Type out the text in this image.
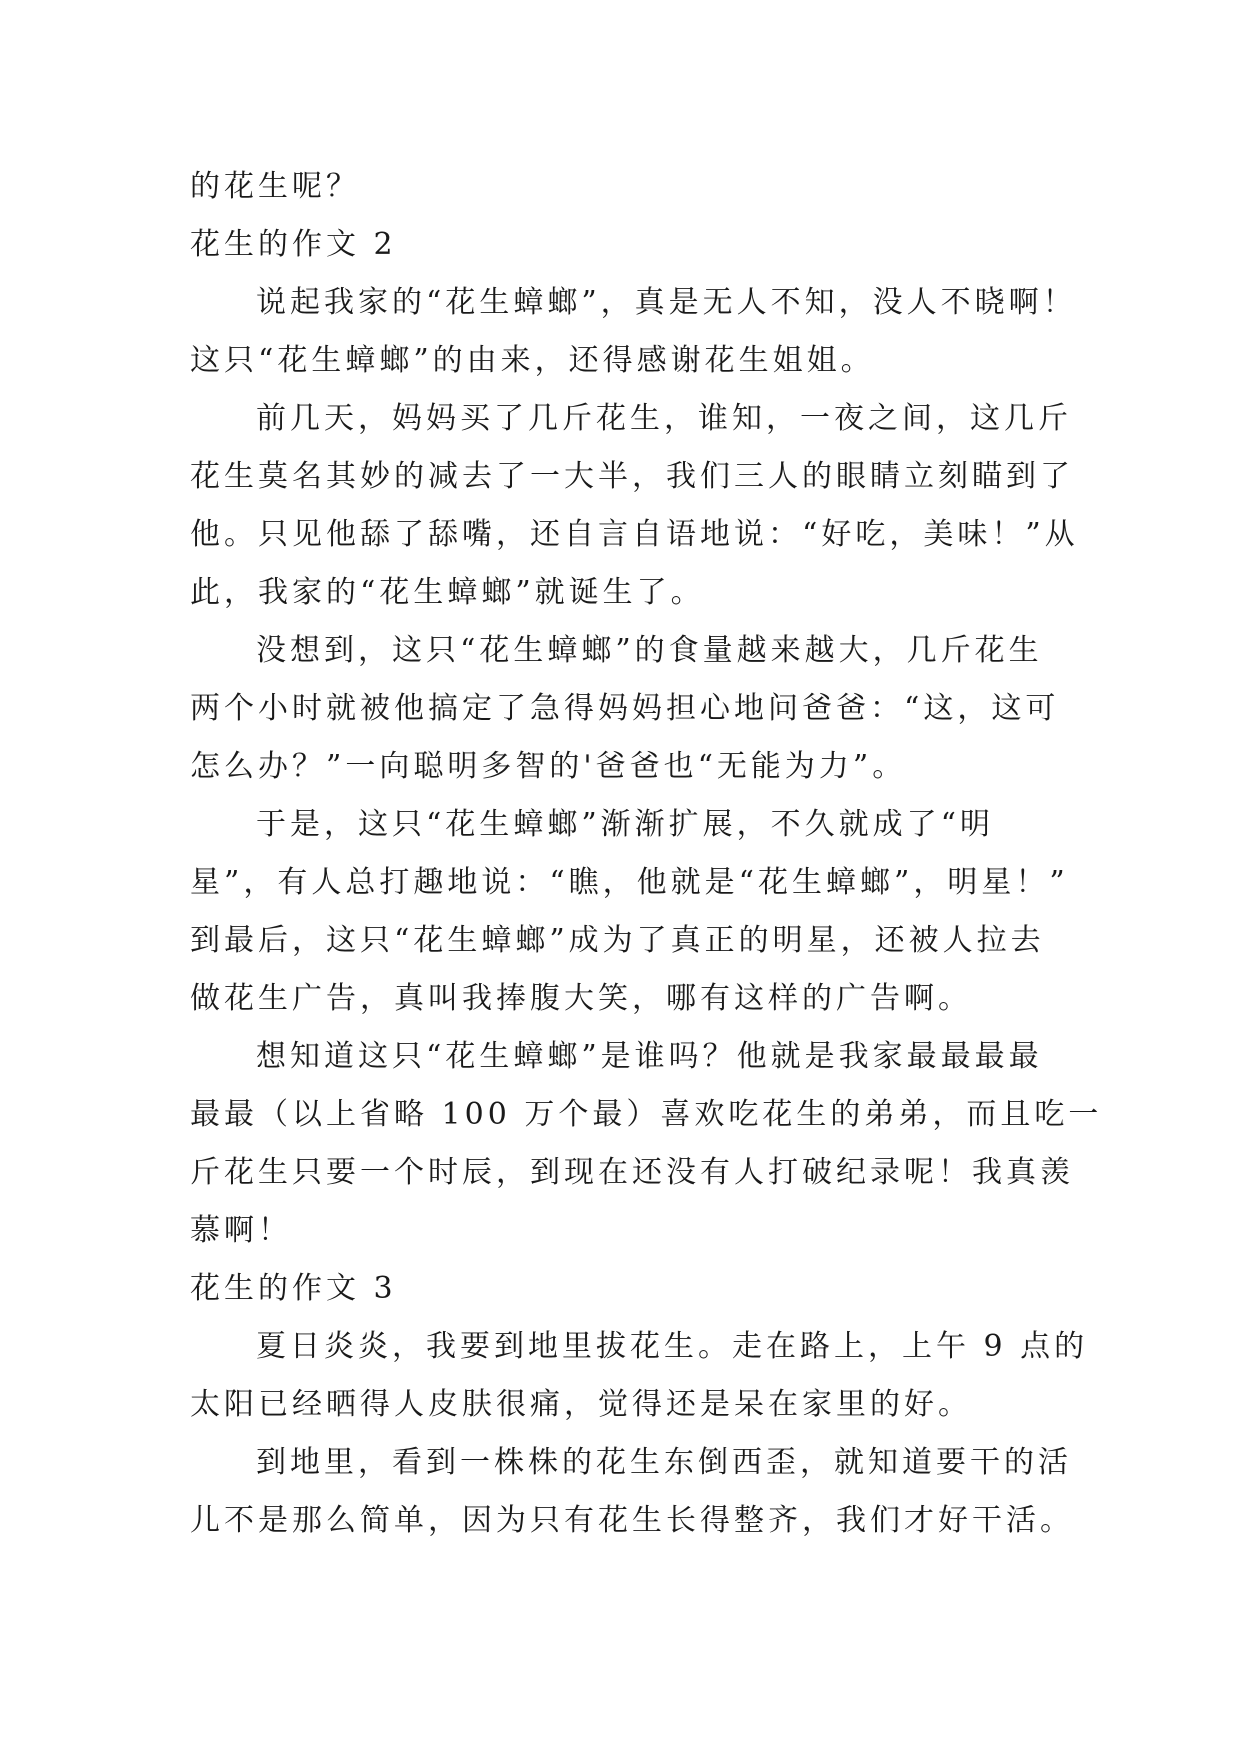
的花生呢？
花生的作文 2
说起我家的“花生蟑螂”，真是无人不知，没人不晓啊！
这只“花生蟑螂”的由来，还得感谢花生姐姐。
前几天，妈妈买了几斤花生，谁知，一夜之间，这几斤
花生莫名其妙的减去了一大半，我们三人的眼睛立刻瞄到了
他。只见他舔了舔嘴，还自言自语地说：“好吃，美味！”从
此，我家的“花生蟑螂”就诞生了。
没想到，这只“花生蟑螂”的食量越来越大，几斤花生
两个小时就被他搞定了急得妈妈担心地问爸爸：“这，这可
怎么办？”一向聪明多智的'爸爸也“无能为力”。
于是，这只“花生蟑螂”渐渐扩展，不久就成了“明
星”，有人总打趣地说：“瞧，他就是“花生蟑螂”，明星！”
到最后，这只“花生蟑螂”成为了真正的明星，还被人拉去
做花生广告，真叫我捧腹大笑，哪有这样的广告啊。
想知道这只“花生蟑螂”是谁吗？他就是我家最最最最
最最（以上省略 100 万个最）喜欢吃花生的弟弟，而且吃一
斤花生只要一个时辰，到现在还没有人打破纪录呢！我真羡
慕啊！
花生的作文 3
夏日炎炎，我要到地里拔花生。走在路上，上午 9 点的
太阳已经晒得人皮肤很痛，觉得还是呆在家里的好。
到地里，看到一株株的花生东倒西歪，就知道要干的活
儿不是那么简单，因为只有花生长得整齐，我们才好干活。
